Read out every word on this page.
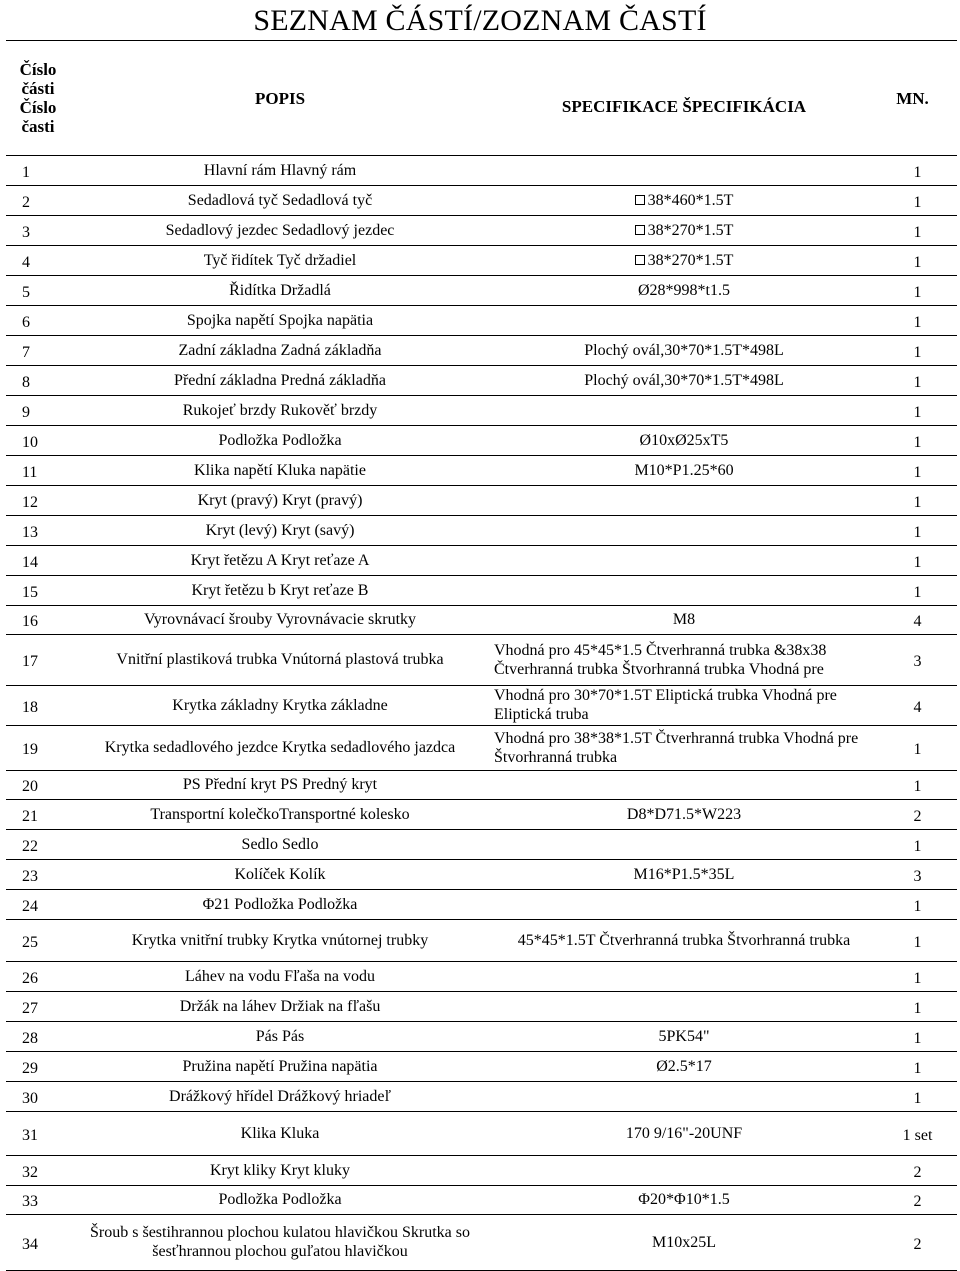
SEZNAM ČÁSTÍ/ZOZNAM ČASTÍ
Číslo části Číslo časti	POPIS	SPECIFIKACE ŠPECIFIKÁCIA	MN.
1	Hlavní rám Hlavný rám		1
2	Sedadlová tyč Sedadlová tyč	38*460*1.5T	1
3	Sedadlový jezdec Sedadlový jezdec	38*270*1.5T	1
4	Tyč řidítek Tyč držadiel	38*270*1.5T	1
5	Řidítka Držadlá	Ø28*998*t1.5	1
6	Spojka napětí Spojka napätia		1
7	Zadní základna Zadná základňa	Plochý ovál,30*70*1.5T*498L	1
8	Přední základna Predná základňa	Plochý ovál,30*70*1.5T*498L	1
9	Rukojeť brzdy Rukověť brzdy		1
10	Podložka Podložka	Ø10xØ25xT5	1
11	Klika napětí Kluka napätie	M10*P1.25*60	1
12	Kryt (pravý) Kryt (pravý)		1
13	Kryt (levý) Kryt (savý)		1
14	Kryt řetězu A Kryt reťaze A		1
15	Kryt řetězu b Kryt reťaze B		1
16	Vyrovnávací šrouby Vyrovnávacie skrutky	M8	4
17	Vnitřní plastiková trubka Vnútorná plastová trubka	Vhodná pro 45*45*1.5 Čtverhranná trubka &38x38 Čtverhranná trubka Štvorhranná trubka Vhodná pre	3
18	Krytka základny Krytka základne	Vhodná pro 30*70*1.5T Eliptická trubka Vhodná pre Eliptická truba	4
19	Krytka sedadlového jezdce Krytka sedadlového jazdca	Vhodná pro 38*38*1.5T Čtverhranná trubka Vhodná pre Štvorhranná trubka	1
20	PS Přední kryt PS Predný kryt		1
21	Transportní kolečkoTransportné kolesko	D8*D71.5*W223	2
22	Sedlo Sedlo		1
23	Kolíček Kolík	M16*P1.5*35L	3
24	Φ21 Podložka Podložka		1
25	Krytka vnitřní trubky Krytka vnútornej trubky	45*45*1.5T Čtverhranná trubka Štvorhranná trubka	1
26	Láhev na vodu Fľaša na vodu		1
27	Držák na láhev Držiak na fľašu		1
28	Pás Pás	5PK54"	1
29	Pružina napětí Pružina napätia	Ø2.5*17	1
30	Drážkový hřídel Drážkový hriadeľ		1
31	Klika Kluka	170 9/16"-20UNF	1 set
32	Kryt kliky Kryt kluky		2
33	Podložka Podložka	Φ20*Φ10*1.5	2
34	Šroub s šestihrannou plochou kulatou hlavičkou Skrutka so šesťhrannou plochou guľatou hlavičkou	M10x25L	2
